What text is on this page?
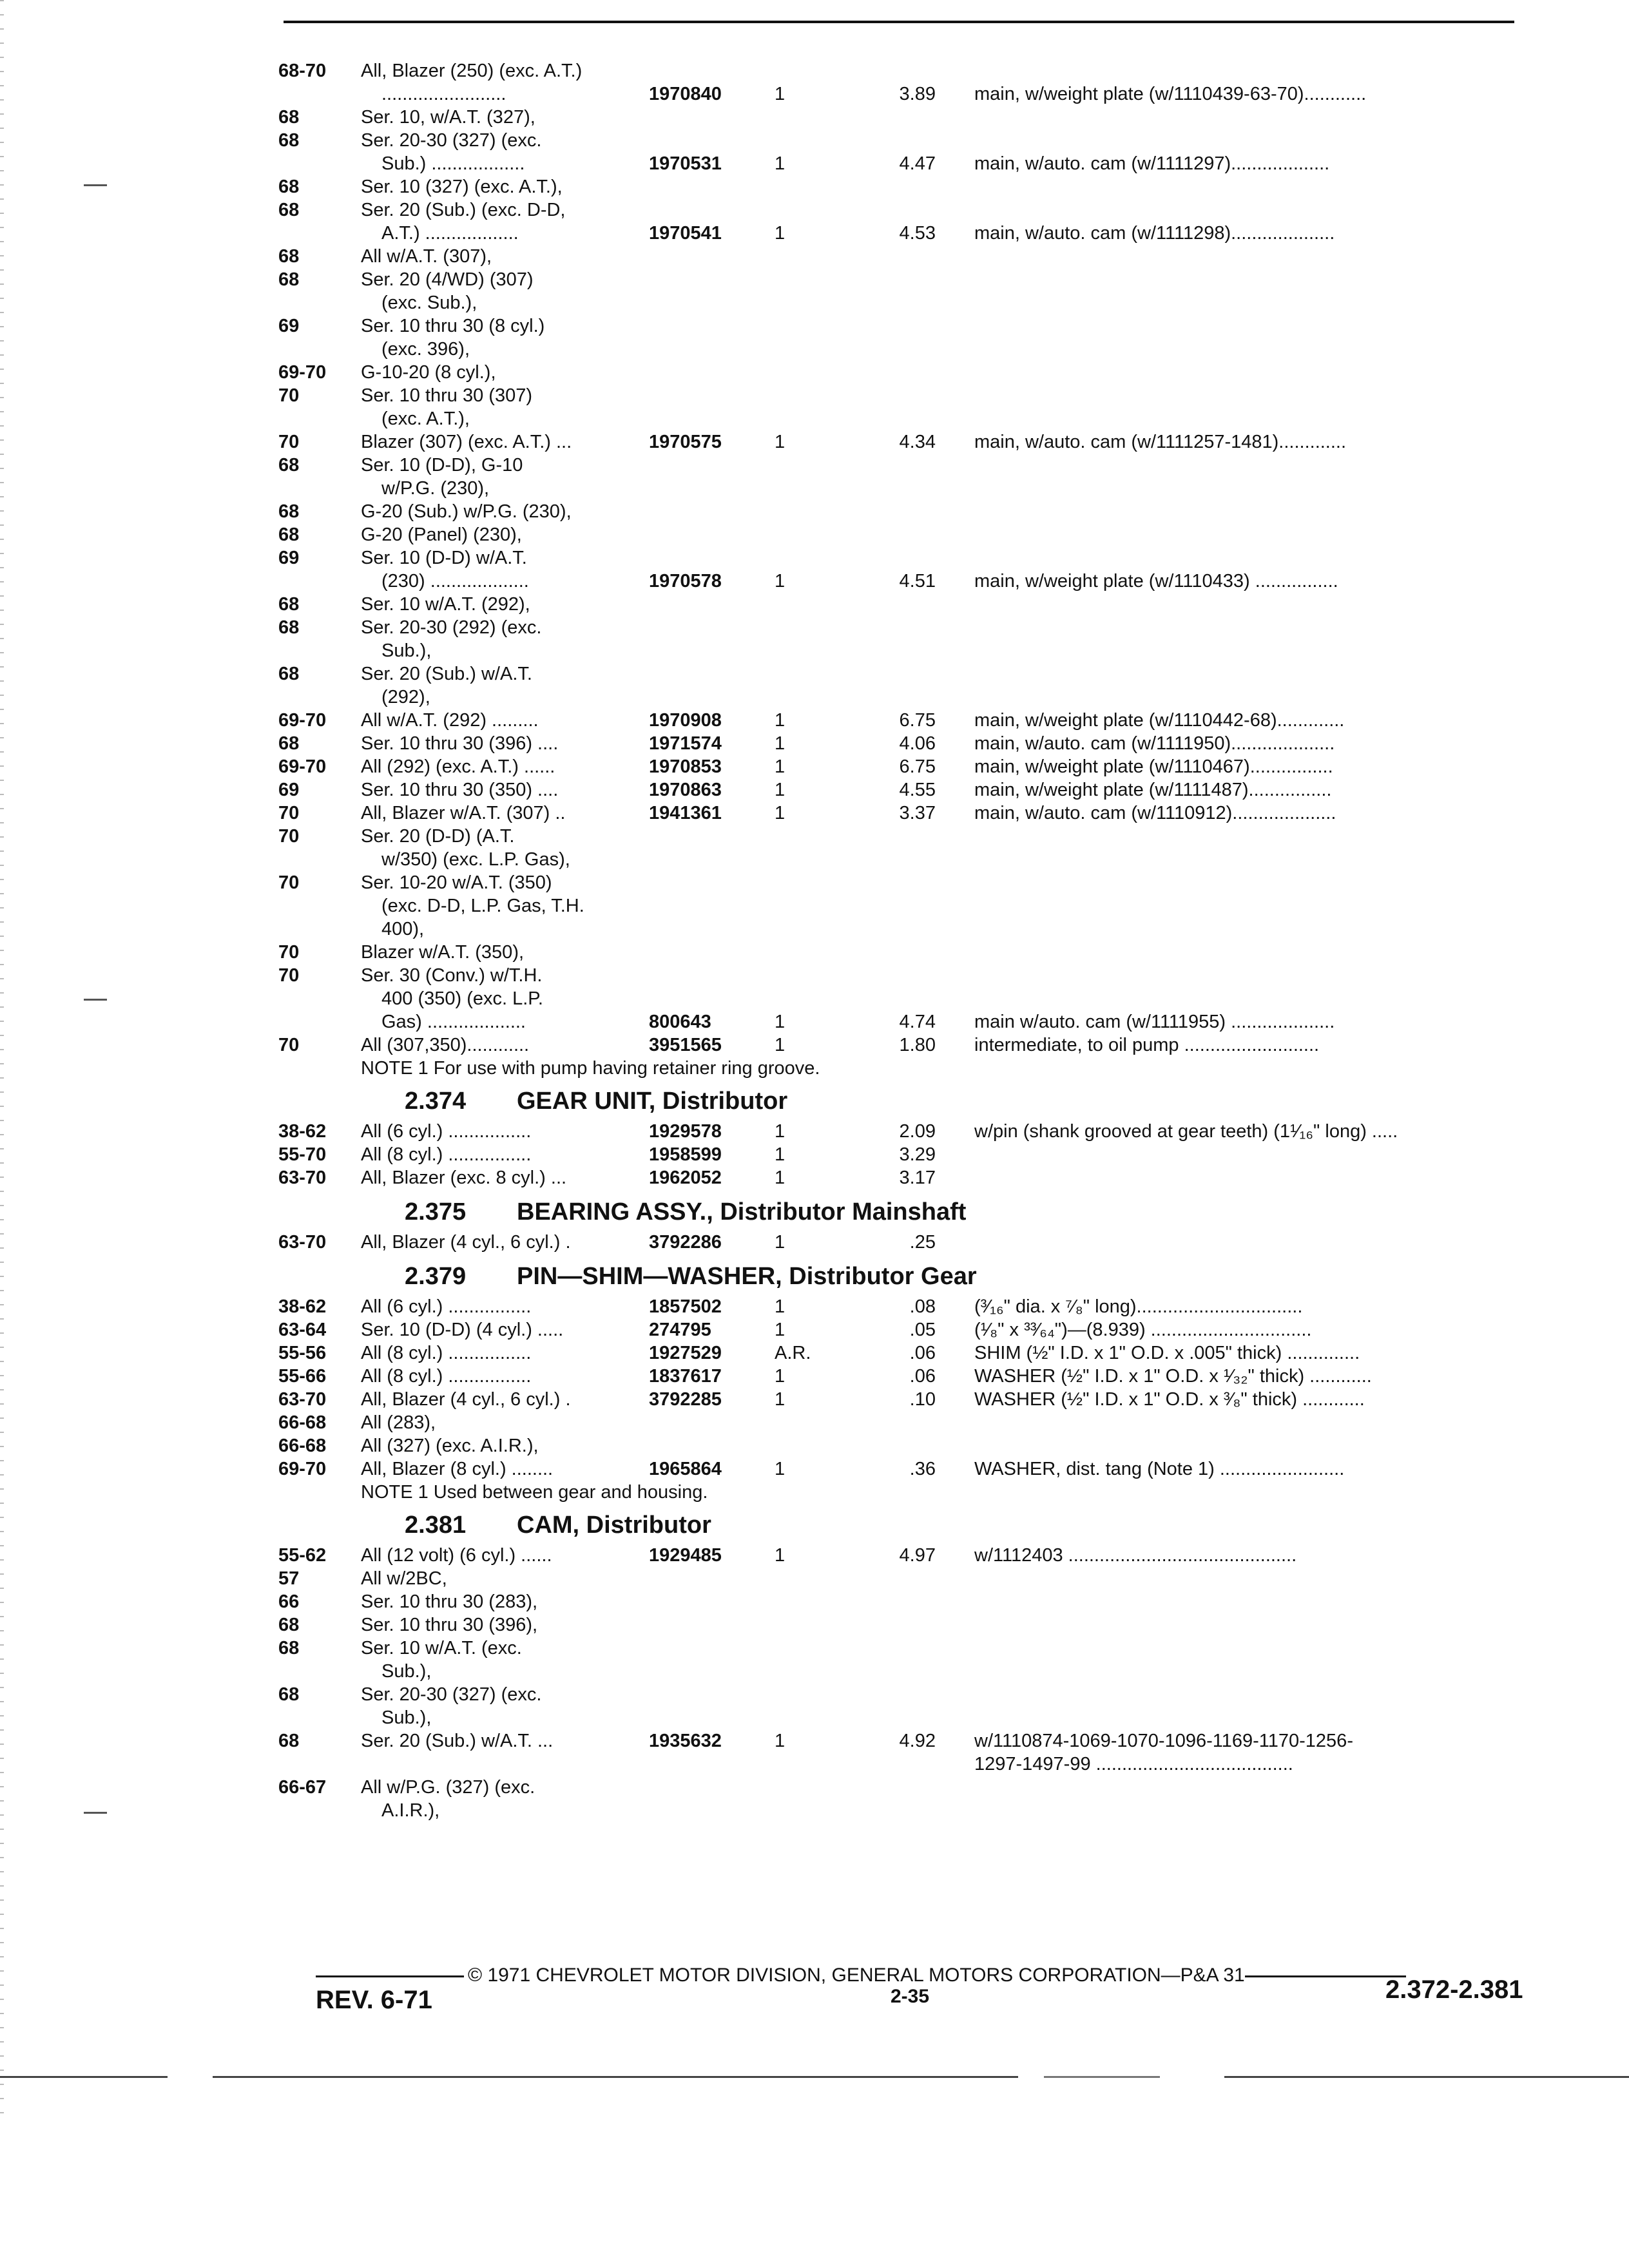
68-70	All, Blazer (250) (exc. A.T.)
........................	1970840	1	3.89 main, w/weight plate (w/1110439-63-70)............
68	Ser. 10, w/A.T. (327),
68	Ser. 20-30 (327) (exc.
Sub.) ..................	1970531	1	4.47 main, w/auto. cam (w/1111297)...................
68	Ser. 10 (327) (exc. A.T.),
68	Ser. 20 (Sub.) (exc. D-D,
A.T.) ..................	1970541	1	4.53 main, w/auto. cam (w/1111298)....................
68	All w/A.T. (307),
68	Ser. 20 (4/WD) (307)
(exc. Sub.),
69	Ser. 10 thru 30 (8 cyl.)
(exc. 396),
69-70	G-10-20 (8 cyl.),
70	Ser. 10 thru 30 (307)
(exc. A.T.),
70	Blazer (307) (exc. A.T.) ...	1970575	1	4.34 main, w/auto. cam (w/1111257-1481).............
68	Ser. 10 (D-D), G-10
w/P.G. (230),
68	G-20 (Sub.) w/P.G. (230),
68	G-20 (Panel) (230),
69	Ser. 10 (D-D) w/A.T.
(230) ...................	1970578	1	4.51 main, w/weight plate (w/1110433) ................
68	Ser. 10 w/A.T. (292),
68	Ser. 20-30 (292) (exc.
Sub.),
68	Ser. 20 (Sub.) w/A.T.
(292),
69-70	All w/A.T. (292) .........	1970908	1	6.75 main, w/weight plate (w/1110442-68).............
68	Ser. 10 thru 30 (396) ....	1971574	1	4.06 main, w/auto. cam (w/1111950)....................
69-70	All (292) (exc. A.T.) ......	1970853	1	6.75 main, w/weight plate (w/1110467)................
69	Ser. 10 thru 30 (350) ....	1970863	1	4.55 main, w/weight plate (w/1111487)................
70	All, Blazer w/A.T. (307) ..	1941361	1	3.37 main, w/auto. cam (w/1110912)....................
70	Ser. 20 (D-D) (A.T.
w/350) (exc. L.P. Gas),
70	Ser. 10-20 w/A.T. (350)
(exc. D-D, L.P. Gas, T.H.
400),
70	Blazer w/A.T. (350),
70	Ser. 30 (Conv.) w/T.H.
400 (350) (exc. L.P.
Gas) ...................	800643	1	4.74 main w/auto. cam (w/1111955) ....................
70	All (307,350)............	3951565	1	1.80 intermediate, to oil pump ..........................
NOTE 1 For use with pump having retainer ring groove.
2.374 GEAR UNIT, Distributor
38-62	All (6 cyl.) ................	1929578	1	2.09 w/pin (shank grooved at gear teeth) (1¹⁄₁₆" long) .....
55-70	All (8 cyl.) ................	1958599	1	3.29
63-70	All, Blazer (exc. 8 cyl.) ...	1962052	1	3.17
2.375 BEARING ASSY., Distributor Mainshaft
63-70	All, Blazer (4 cyl., 6 cyl.) .	3792286	1	.25
2.379 PIN—SHIM—WASHER, Distributor Gear
38-62	All (6 cyl.) ................	1857502	1	.08 (³⁄₁₆" dia. x ⁷⁄₈" long)................................
63-64	Ser. 10 (D-D) (4 cyl.) .....	274795	1	.05 (¹⁄₈" x ³³⁄₆₄")—(8.939) ...............................
55-56	All (8 cyl.) ................	1927529	A.R.	.06 SHIM (½" I.D. x 1" O.D. x .005" thick) ..............
55-66	All (8 cyl.) ................	1837617	1	.06 WASHER (½" I.D. x 1" O.D. x ¹⁄₃₂" thick) ............
63-70	All, Blazer (4 cyl., 6 cyl.) .	3792285	1	.10 WASHER (½" I.D. x 1" O.D. x ³⁄₈" thick) ............
66-68	All (283),
66-68	All (327) (exc. A.I.R.),
69-70	All, Blazer (8 cyl.) ........	1965864	1	.36 WASHER, dist. tang (Note 1) ........................
NOTE 1 Used between gear and housing.
2.381 CAM, Distributor
55-62	All (12 volt) (6 cyl.) ......	1929485	1	4.97 w/1112403 ............................................
57	All w/2BC,
66	Ser. 10 thru 30 (283),
68	Ser. 10 thru 30 (396),
68	Ser. 10 w/A.T. (exc.
Sub.),
68	Ser. 20-30 (327) (exc.
Sub.),
68	Ser. 20 (Sub.) w/A.T. ...	1935632	1	4.92 w/1110874-1069-1070-1096-1169-1170-1256-
1297-1497-99 ......................................
66-67	All w/P.G. (327) (exc.
A.I.R.),
© 1971 CHEVROLET MOTOR DIVISION, GENERAL MOTORS CORPORATION—P&A 31
REV. 6-71	2-35	2.372-2.381
